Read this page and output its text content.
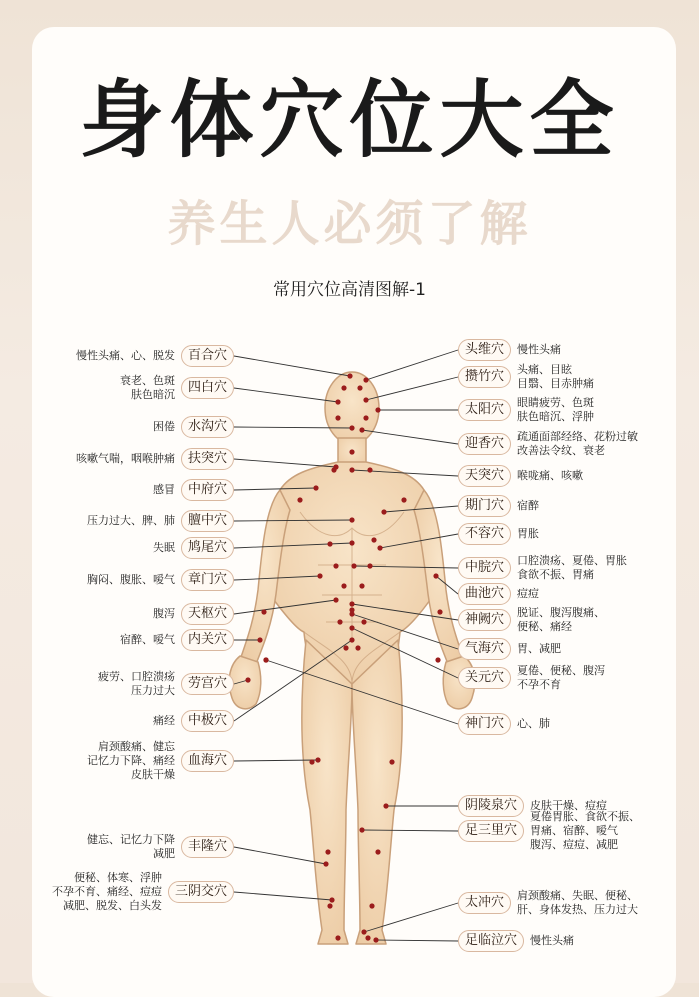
身体穴位大全
养生人必须了解
常用穴位高清图解-1
百合穴
慢性头痛、心、脱发
四白穴
衰老、色斑
肤色暗沉
水沟穴
困倦
扶突穴
咳嗽气喘，咽喉肿痛
中府穴
感冒
膻中穴
压力过大、脾、肺
鸠尾穴
失眠
章门穴
胸闷、腹胀、嗳气
天枢穴
腹泻
内关穴
宿醉、嗳气
劳宫穴
疲劳、口腔溃疡
压力过大
中极穴
痛经
血海穴
肩颈酸痛、健忘
记忆力下降、痛经
皮肤干燥
丰隆穴
健忘、记忆力下降
减肥
三阴交穴
便秘、体寒、浮肿
不孕不育、痛经、痘痘
减肥、脱发、白头发
头维穴	慢性头痛
攒竹穴	头痛、目眩
目翳、目赤肿痛
太阳穴	眼睛疲劳、色斑
肤色暗沉、浮肿
迎香穴	疏通面部经络、花粉过敏
改善法令纹、衰老
天突穴	喉咙痛、咳嗽
期门穴	宿醉
不容穴	胃胀
中脘穴	口腔溃疡、夏倦、胃胀
食欲不振、胃痛
曲池穴	痘痘
神阙穴	脱证、腹泻腹痛、
便秘、痛经
气海穴	胃、减肥
关元穴	夏倦、便秘、腹泻
不孕不育
神门穴	心、肺
阴陵泉穴	皮肤干燥、痘痘
足三里穴
夏倦胃胀、食欲不振、
胃痛、宿醉、嗳气
腹泻、痘痘、减肥
太冲穴	肩颈酸痛、失眠、便秘、
肝、身体发热、压力过大
足临泣穴	慢性头痛
